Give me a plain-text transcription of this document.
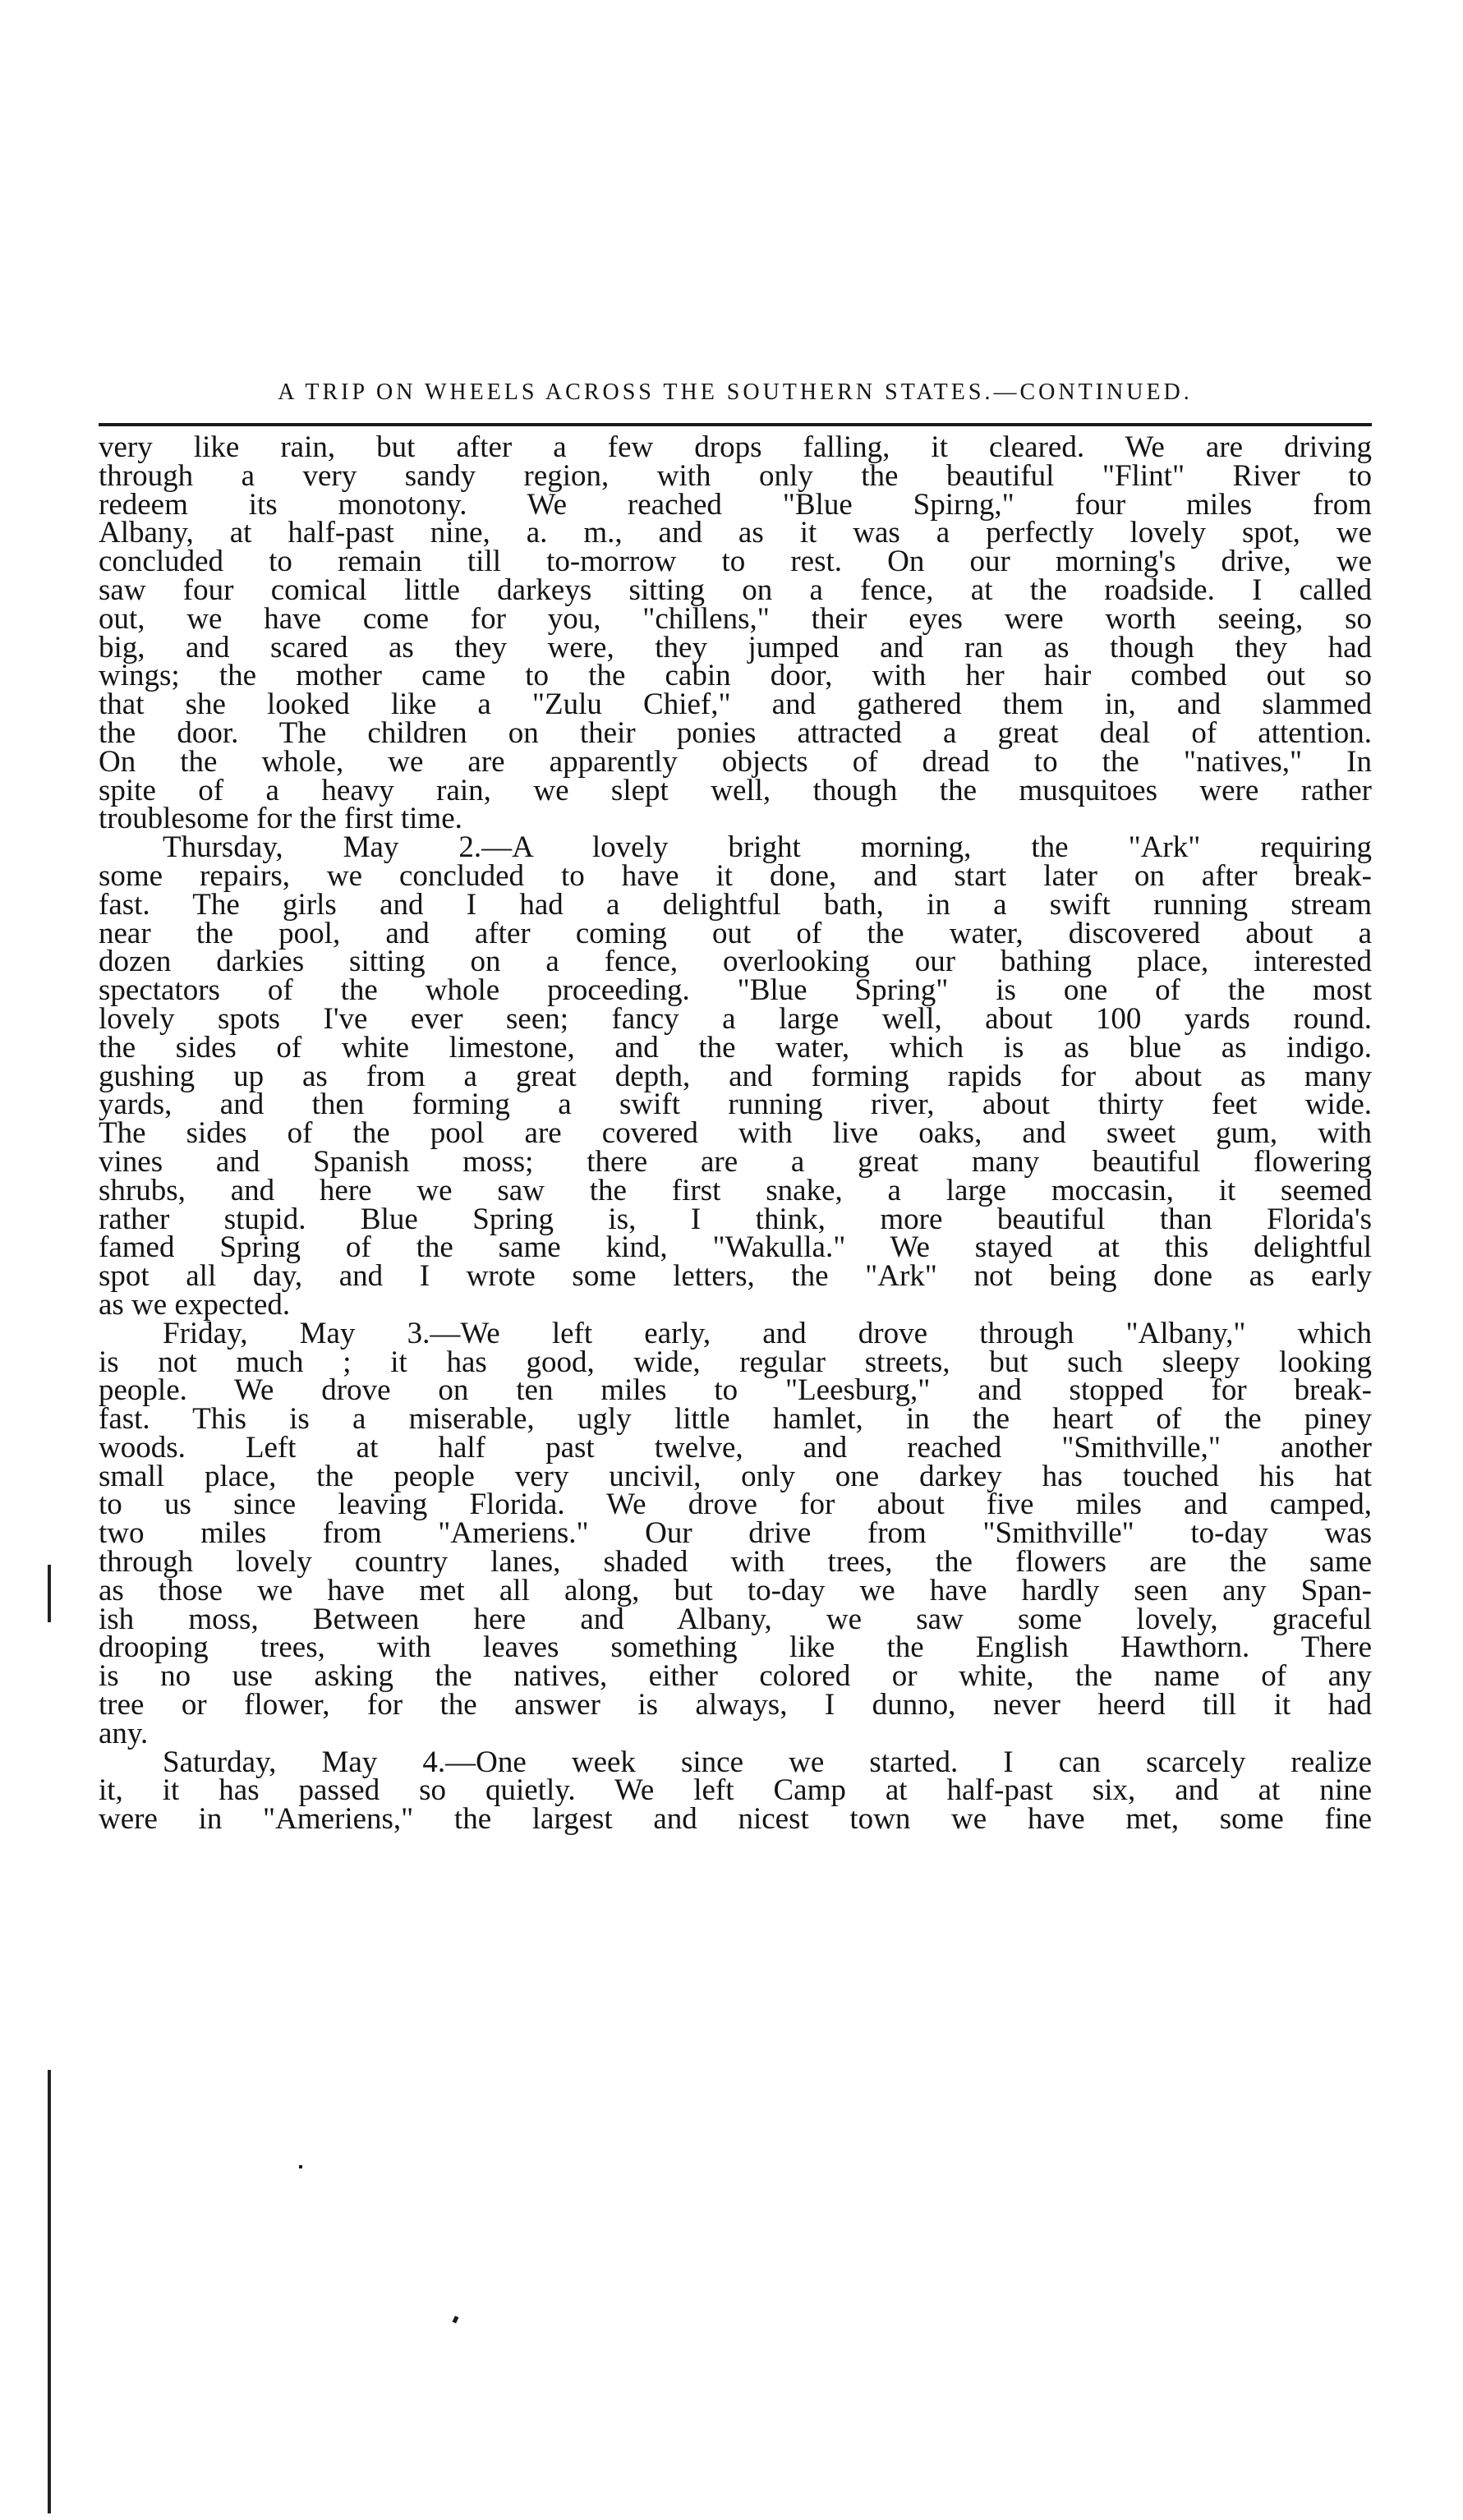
A TRIP ON WHEELS ACROSS THE SOUTHERN STATES.—CONTINUED.
very like rain, but after a few drops falling, it cleared. We are driving
through a very sandy region, with only the beautiful "Flint" River to
redeem its monotony. We reached "Blue Spirng," four miles from
Albany, at half-past nine, a. m., and as it was a perfectly lovely spot, we
concluded to remain till to-morrow to rest. On our morning's drive, we
saw four comical little darkeys sitting on a fence, at the roadside. I called
out, we have come for you, "chillens," their eyes were worth seeing, so
big, and scared as they were, they jumped and ran as though they had
wings; the mother came to the cabin door, with her hair combed out so
that she looked like a "Zulu Chief," and gathered them in, and slammed
the door. The children on their ponies attracted a great deal of attention.
On the whole, we are apparently objects of dread to the "natives," In
spite of a heavy rain, we slept well, though the musquitoes were rather
troublesome for the first time.
Thursday, May 2.—A lovely bright morning, the "Ark" requiring
some repairs, we concluded to have it done, and start later on after break-
fast. The girls and I had a delightful bath, in a swift running stream
near the pool, and after coming out of the water, discovered about a
dozen darkies sitting on a fence, overlooking our bathing place, interested
spectators of the whole proceeding. "Blue Spring" is one of the most
lovely spots I've ever seen; fancy a large well, about 100 yards round.
the sides of white limestone, and the water, which is as blue as indigo.
gushing up as from a great depth, and forming rapids for about as many
yards, and then forming a swift running river, about thirty feet wide.
The sides of the pool are covered with live oaks, and sweet gum, with
vines and Spanish moss; there are a great many beautiful flowering
shrubs, and here we saw the first snake, a large moccasin, it seemed
rather stupid. Blue Spring is, I think, more beautiful than Florida's
famed Spring of the same kind, "Wakulla." We stayed at this delightful
spot all day, and I wrote some letters, the "Ark" not being done as early
as we expected.
Friday, May 3.—We left early, and drove through "Albany," which
is not much ; it has good, wide, regular streets, but such sleepy looking
people. We drove on ten miles to "Leesburg," and stopped for break-
fast. This is a miserable, ugly little hamlet, in the heart of the piney
woods. Left at half past twelve, and reached "Smithville," another
small place, the people very uncivil, only one darkey has touched his hat
to us since leaving Florida. We drove for about five miles and camped,
two miles from "Ameriens." Our drive from "Smithville" to-day was
through lovely country lanes, shaded with trees, the flowers are the same
as those we have met all along, but to-day we have hardly seen any Span-
ish moss, Between here and Albany, we saw some lovely, graceful
drooping trees, with leaves something like the English Hawthorn. There
is no use asking the natives, either colored or white, the name of any
tree or flower, for the answer is always, I dunno, never heerd till it had
any.
Saturday, May 4.—One week since we started. I can scarcely realize
it, it has passed so quietly. We left Camp at half-past six, and at nine
were in "Ameriens," the largest and nicest town we have met, some fine
